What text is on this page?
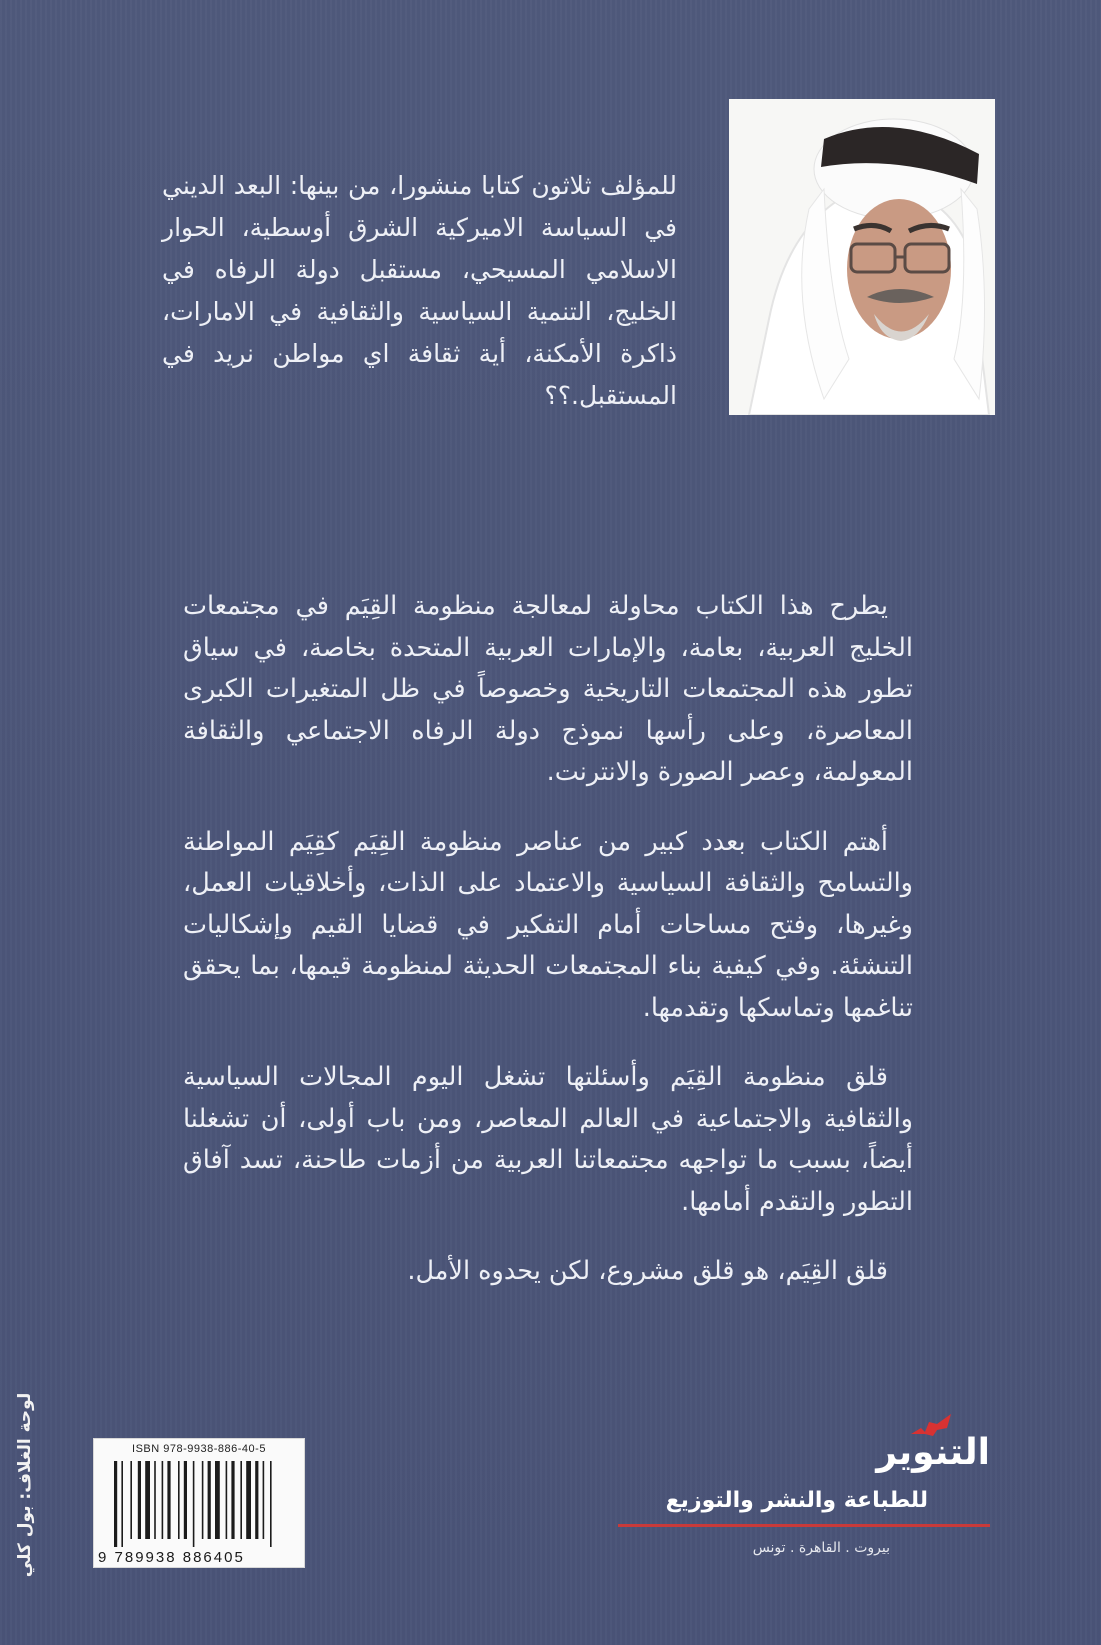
للمؤلف ثلاثون كتابا منشورا، من بينها: البعد الديني في السياسة الاميركية الشرق أوسطية، الحوار الاسلامي المسيحي، مستقبل دولة الرفاه في الخليج، التنمية السياسية والثقافية في الامارات، ذاكرة الأمكنة، أية ثقافة اي مواطن نريد في المستقبل.؟؟

يطرح هذا الكتاب محاولة لمعالجة منظومة القِيَم في مجتمعات الخليج العربية، بعامة، والإمارات العربية المتحدة بخاصة، في سياق تطور هذه المجتمعات التاريخية وخصوصاً في ظل المتغيرات الكبرى المعاصرة، وعلى رأسها نموذج دولة الرفاه الاجتماعي والثقافة المعولمة، وعصر الصورة والانترنت.

أهتم الكتاب بعدد كبير من عناصر منظومة القِيَم كقِيَم المواطنة والتسامح والثقافة السياسية والاعتماد على الذات، وأخلاقيات العمل، وغيرها، وفتح مساحات أمام التفكير في قضايا القيم وإشكاليات التنشئة. وفي كيفية بناء المجتمعات الحديثة لمنظومة قيمها، بما يحقق تناغمها وتماسكها وتقدمها.

قلق منظومة القِيَم وأسئلتها تشغل اليوم المجالات السياسية والثقافية والاجتماعية في العالم المعاصر، ومن باب أولى، أن تشغلنا أيضاً، بسبب ما تواجهه مجتمعاتنا العربية من أزمات طاحنة، تسد آفاق التطور والتقدم أمامها.

قلق القِيَم، هو قلق مشروع، لكن يحدوه الأمل.

لوحة الغلاف: بول كلي	ISBN 978-9938-886-40-5
9 789938 886405
التنوير
للطباعة والنشر والتوزيع
بيروت . القاهرة . تونس
